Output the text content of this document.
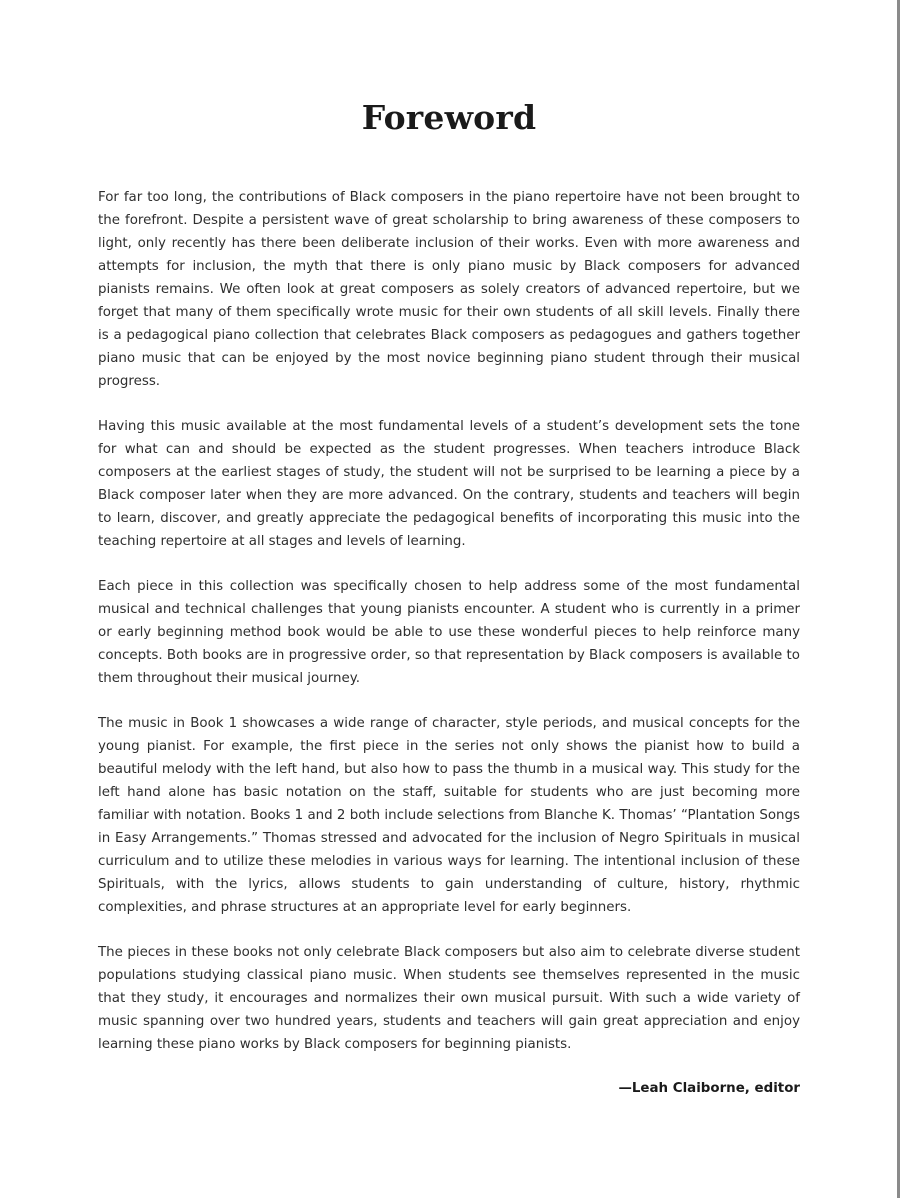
Foreword

For far too long, the contributions of Black composers in the piano repertoire have not been brought to the forefront. Despite a persistent wave of great scholarship to bring awareness of these composers to light, only recently has there been deliberate inclusion of their works. Even with more awareness and attempts for inclusion, the myth that there is only piano music by Black composers for advanced pianists remains. We often look at great composers as solely creators of advanced repertoire, but we forget that many of them specifically wrote music for their own students of all skill levels. Finally there is a pedagogical piano collection that celebrates Black composers as pedagogues and gathers together piano music that can be enjoyed by the most novice beginning piano student through their musical progress.

Having this music available at the most fundamental levels of a student’s development sets the tone for what can and should be expected as the student progresses. When teachers introduce Black composers at the earliest stages of study, the student will not be surprised to be learning a piece by a Black composer later when they are more advanced. On the contrary, students and teachers will begin to learn, discover, and greatly appreciate the pedagogical benefits of incorporating this music into the teaching repertoire at all stages and levels of learning.

Each piece in this collection was specifically chosen to help address some of the most fundamental musical and technical challenges that young pianists encounter. A student who is currently in a primer or early beginning method book would be able to use these wonderful pieces to help reinforce many concepts. Both books are in progressive order, so that representation by Black composers is available to them throughout their musical journey.

The music in Book 1 showcases a wide range of character, style periods, and musical concepts for the young pianist. For example, the first piece in the series not only shows the pianist how to build a beautiful melody with the left hand, but also how to pass the thumb in a musical way. This study for the left hand alone has basic notation on the staff, suitable for students who are just becoming more familiar with notation. Books 1 and 2 both include selections from Blanche K. Thomas’ “Plantation Songs in Easy Arrangements.” Thomas stressed and advocated for the inclusion of Negro Spirituals in musical curriculum and to utilize these melodies in various ways for learning. The intentional inclusion of these Spirituals, with the lyrics, allows students to gain understanding of culture, history, rhythmic complexities, and phrase structures at an appropriate level for early beginners.

The pieces in these books not only celebrate Black composers but also aim to celebrate diverse student populations studying classical piano music. When students see themselves represented in the music that they study, it encourages and normalizes their own musical pursuit. With such a wide variety of music spanning over two hundred years, students and teachers will gain great appreciation and enjoy learning these piano works by Black composers for beginning pianists.

—Leah Claiborne, editor
